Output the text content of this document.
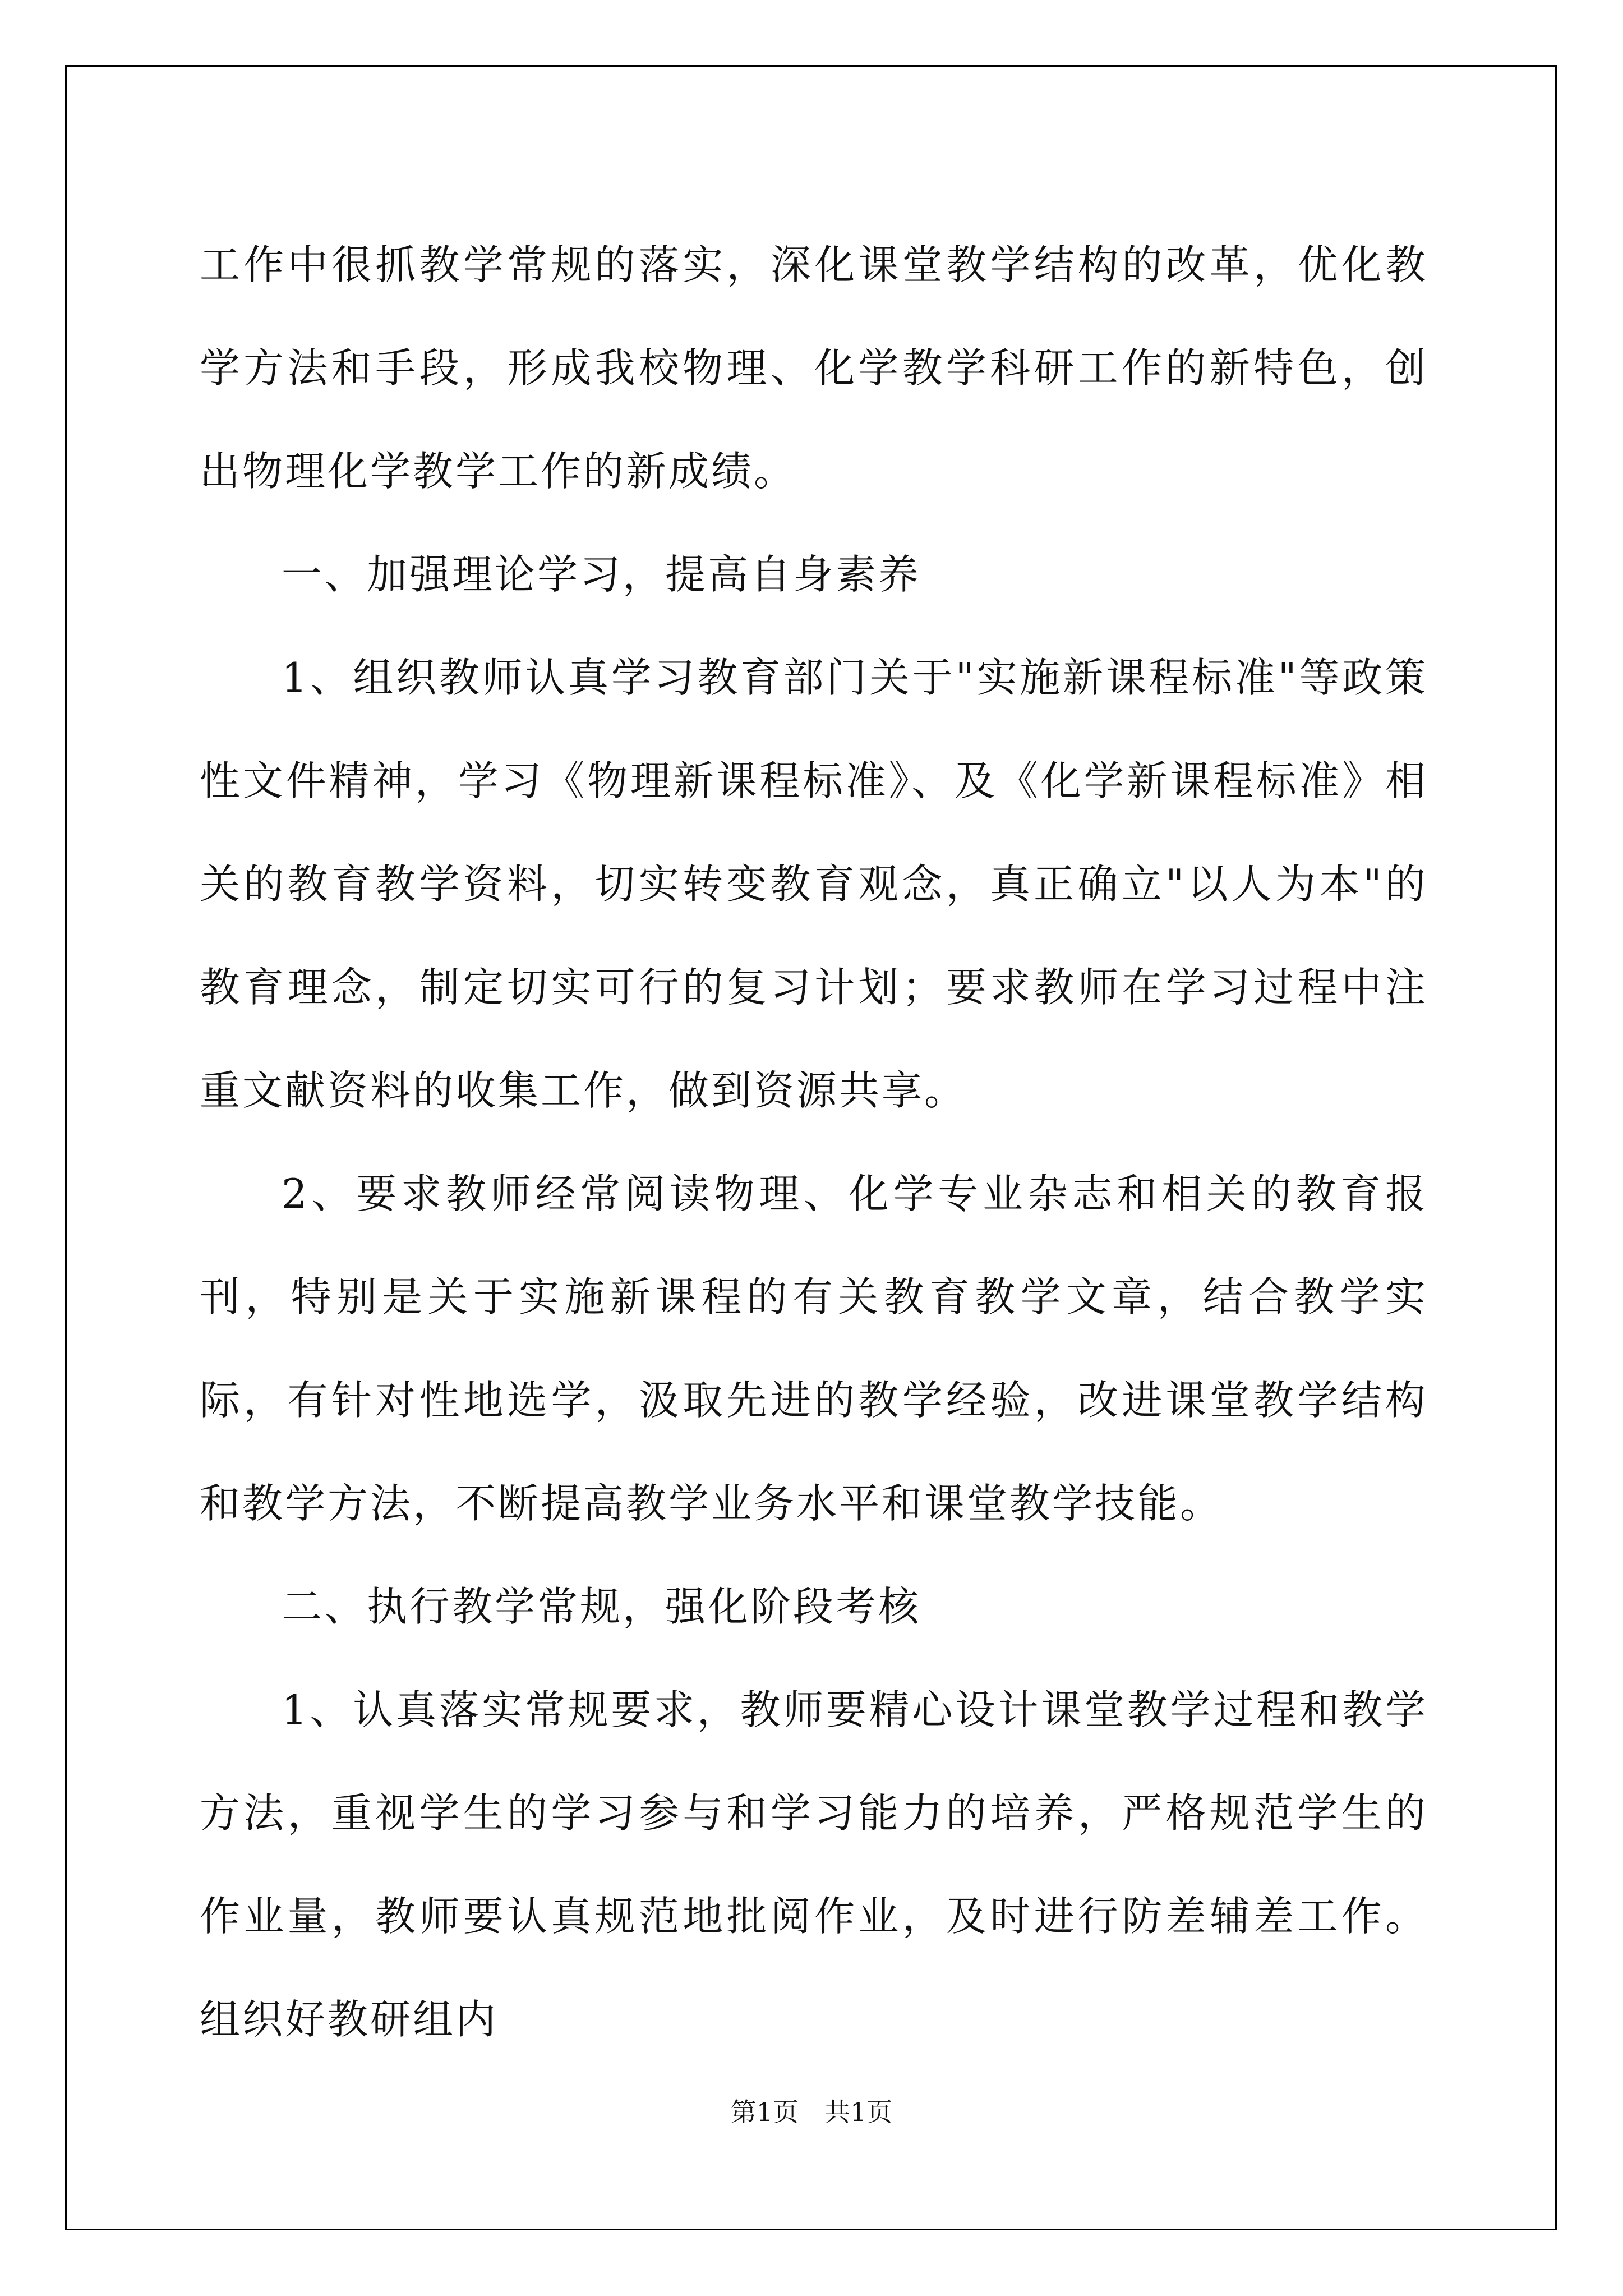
工作中很抓教学常规的落实，深化课堂教学结构的改革，优化教学方法和手段，形成我校物理、化学教学科研工作的新特色，创出物理化学教学工作的新成绩。

一、加强理论学习，提高自身素养

1、组织教师认真学习教育部门关于"实施新课程标准"等政策性文件精神，学习《物理新课程标准》、及《化学新课程标准》相关的教育教学资料，切实转变教育观念，真正确立"以人为本"的教育理念，制定切实可行的复习计划；要求教师在学习过程中注重文献资料的收集工作，做到资源共享。

2、要求教师经常阅读物理、化学专业杂志和相关的教育报刊，特别是关于实施新课程的有关教育教学文章，结合教学实际，有针对性地选学，汲取先进的教学经验，改进课堂教学结构和教学方法，不断提高教学业务水平和课堂教学技能。

二、执行教学常规，强化阶段考核

1、认真落实常规要求，教师要精心设计课堂教学过程和教学方法，重视学生的学习参与和学习能力的培养，严格规范学生的作业量，教师要认真规范地批阅作业，及时进行防差辅差工作。组织好教研组内

第1页　共1页
